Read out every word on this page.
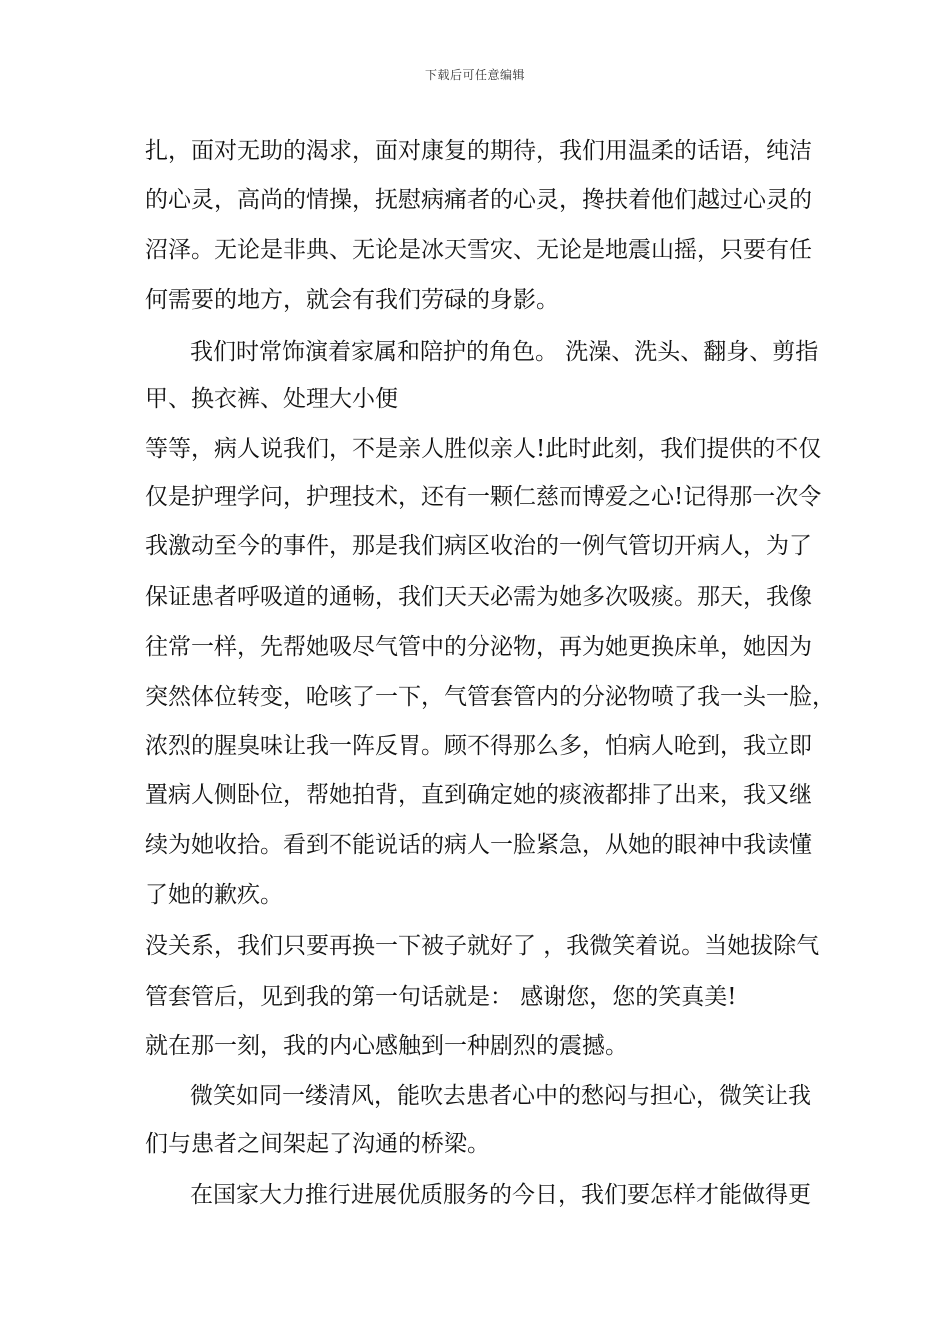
下载后可任意编辑
扎，面对无助的渴求，面对康复的期待，我们用温柔的话语，纯洁
的心灵，高尚的情操，抚慰病痛者的心灵，搀扶着他们越过心灵的
沼泽。无论是非典、无论是冰天雪灾、无论是地震山摇，只要有任
何需要的地方，就会有我们劳碌的身影。
我们时常饰演着家属和陪护的角色。 洗澡、洗头、翻身、剪指
甲、换衣裤、处理大小便
等等，病人说我们，不是亲人胜似亲人!此时此刻，我们提供的不仅
仅是护理学问，护理技术，还有一颗仁慈而博爱之心!记得那一次令
我激动至今的事件，那是我们病区收治的一例气管切开病人，为了
保证患者呼吸道的通畅，我们天天必需为她多次吸痰。那天，我像
往常一样，先帮她吸尽气管中的分泌物，再为她更换床单，她因为
突然体位转变，呛咳了一下，气管套管内的分泌物喷了我一头一脸，
浓烈的腥臭味让我一阵反胃。顾不得那么多，怕病人呛到，我立即
置病人侧卧位，帮她拍背，直到确定她的痰液都排了出来，我又继
续为她收拾。看到不能说话的病人一脸紧急，从她的眼神中我读懂
了她的歉疚。
没关系，我们只要再换一下被子就好了 ，我微笑着说。当她拔除气
管套管后，见到我的第一句话就是： 感谢您，您的笑真美!
就在那一刻，我的内心感触到一种剧烈的震撼。
微笑如同一缕清风，能吹去患者心中的愁闷与担心，微笑让我
们与患者之间架起了沟通的桥梁。
在国家大力推行进展优质服务的今日，我们要怎样才能做得更
